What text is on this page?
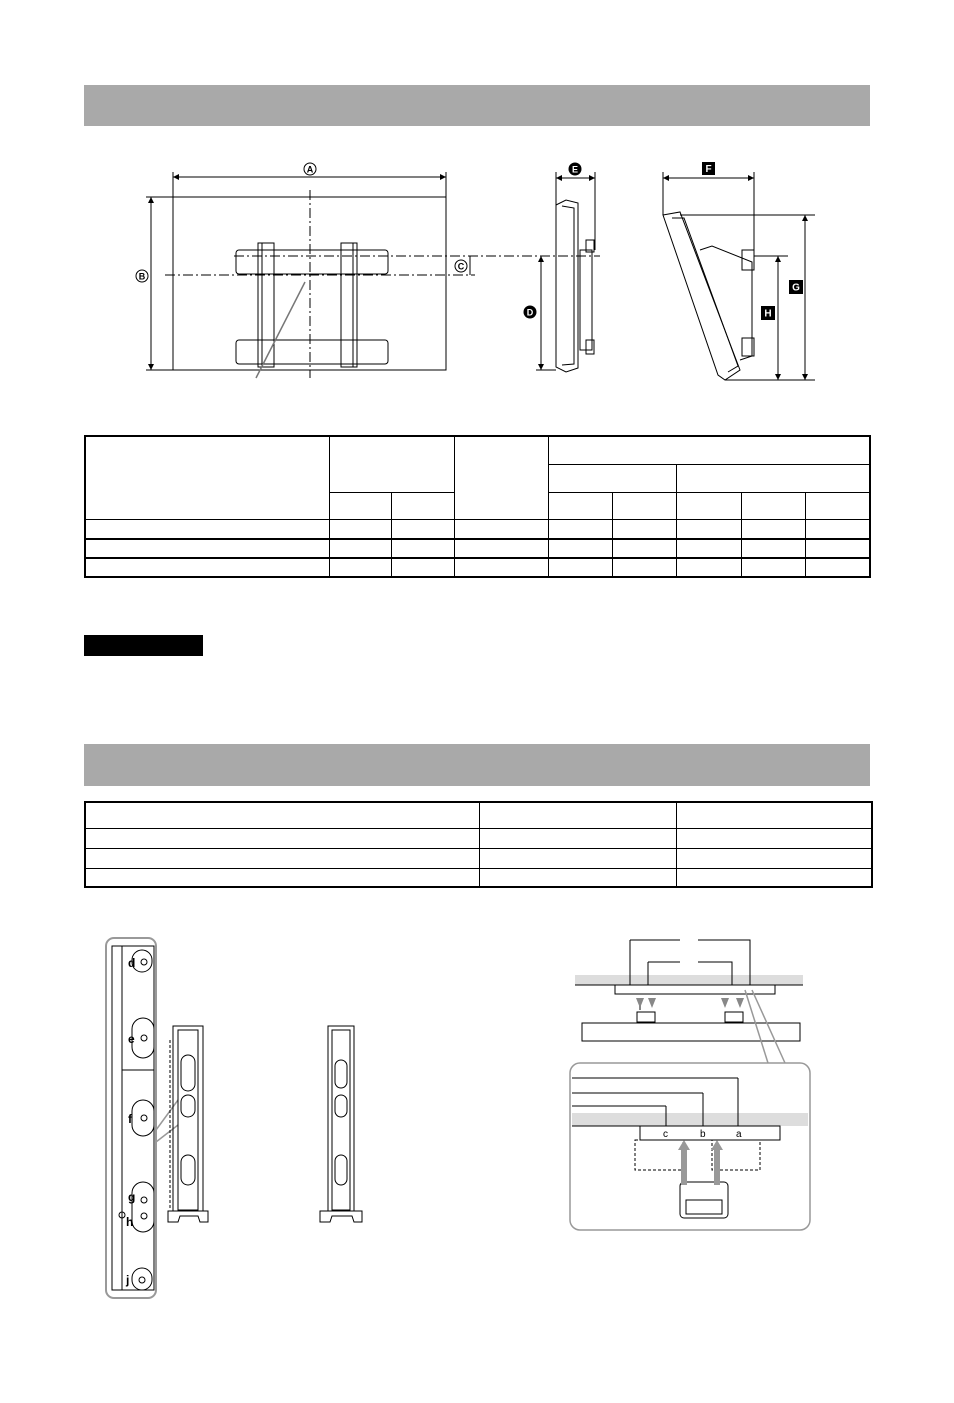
A
B
C
D
E	F
G
H

d
e
f
g
h
j
c	b	a
